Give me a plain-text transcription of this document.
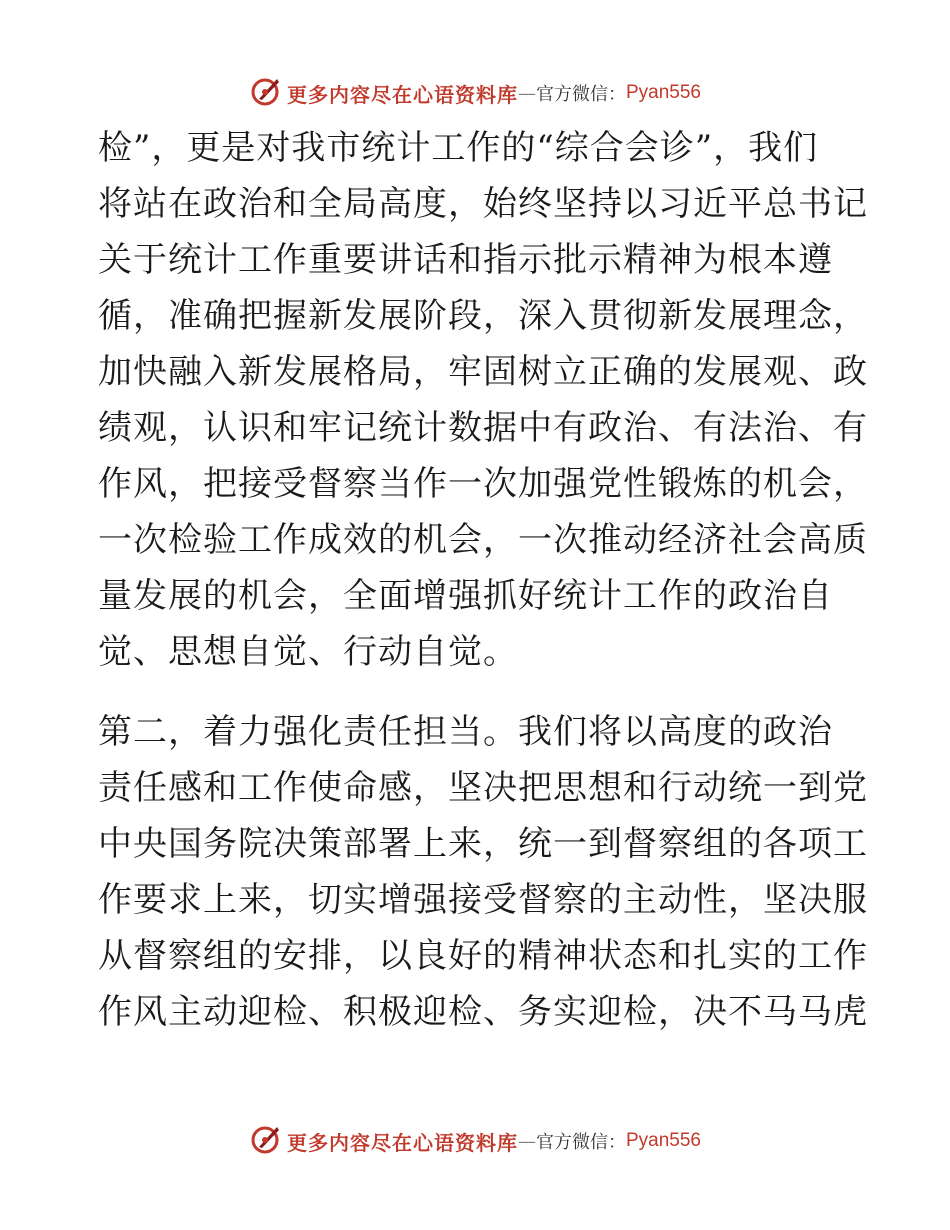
更多内容尽在心语资料库 — 官方微信： Pyan556
检”，更是对我市统计工作的“综合会诊”，我们
将站在政治和全局高度，始终坚持以习近平总书记
关于统计工作重要讲话和指示批示精神为根本遵
循，准确把握新发展阶段，深入贯彻新发展理念，
加快融入新发展格局，牢固树立正确的发展观、政
绩观，认识和牢记统计数据中有政治、有法治、有
作风，把接受督察当作一次加强党性锻炼的机会，
一次检验工作成效的机会，一次推动经济社会高质
量发展的机会，全面增强抓好统计工作的政治自
觉、思想自觉、行动自觉。
第二，着力强化责任担当。我们将以高度的政治
责任感和工作使命感，坚决把思想和行动统一到党
中央国务院决策部署上来，统一到督察组的各项工
作要求上来，切实增强接受督察的主动性，坚决服
从督察组的安排，以良好的精神状态和扎实的工作
作风主动迎检、积极迎检、务实迎检，决不马马虎
更多内容尽在心语资料库 — 官方微信： Pyan556
